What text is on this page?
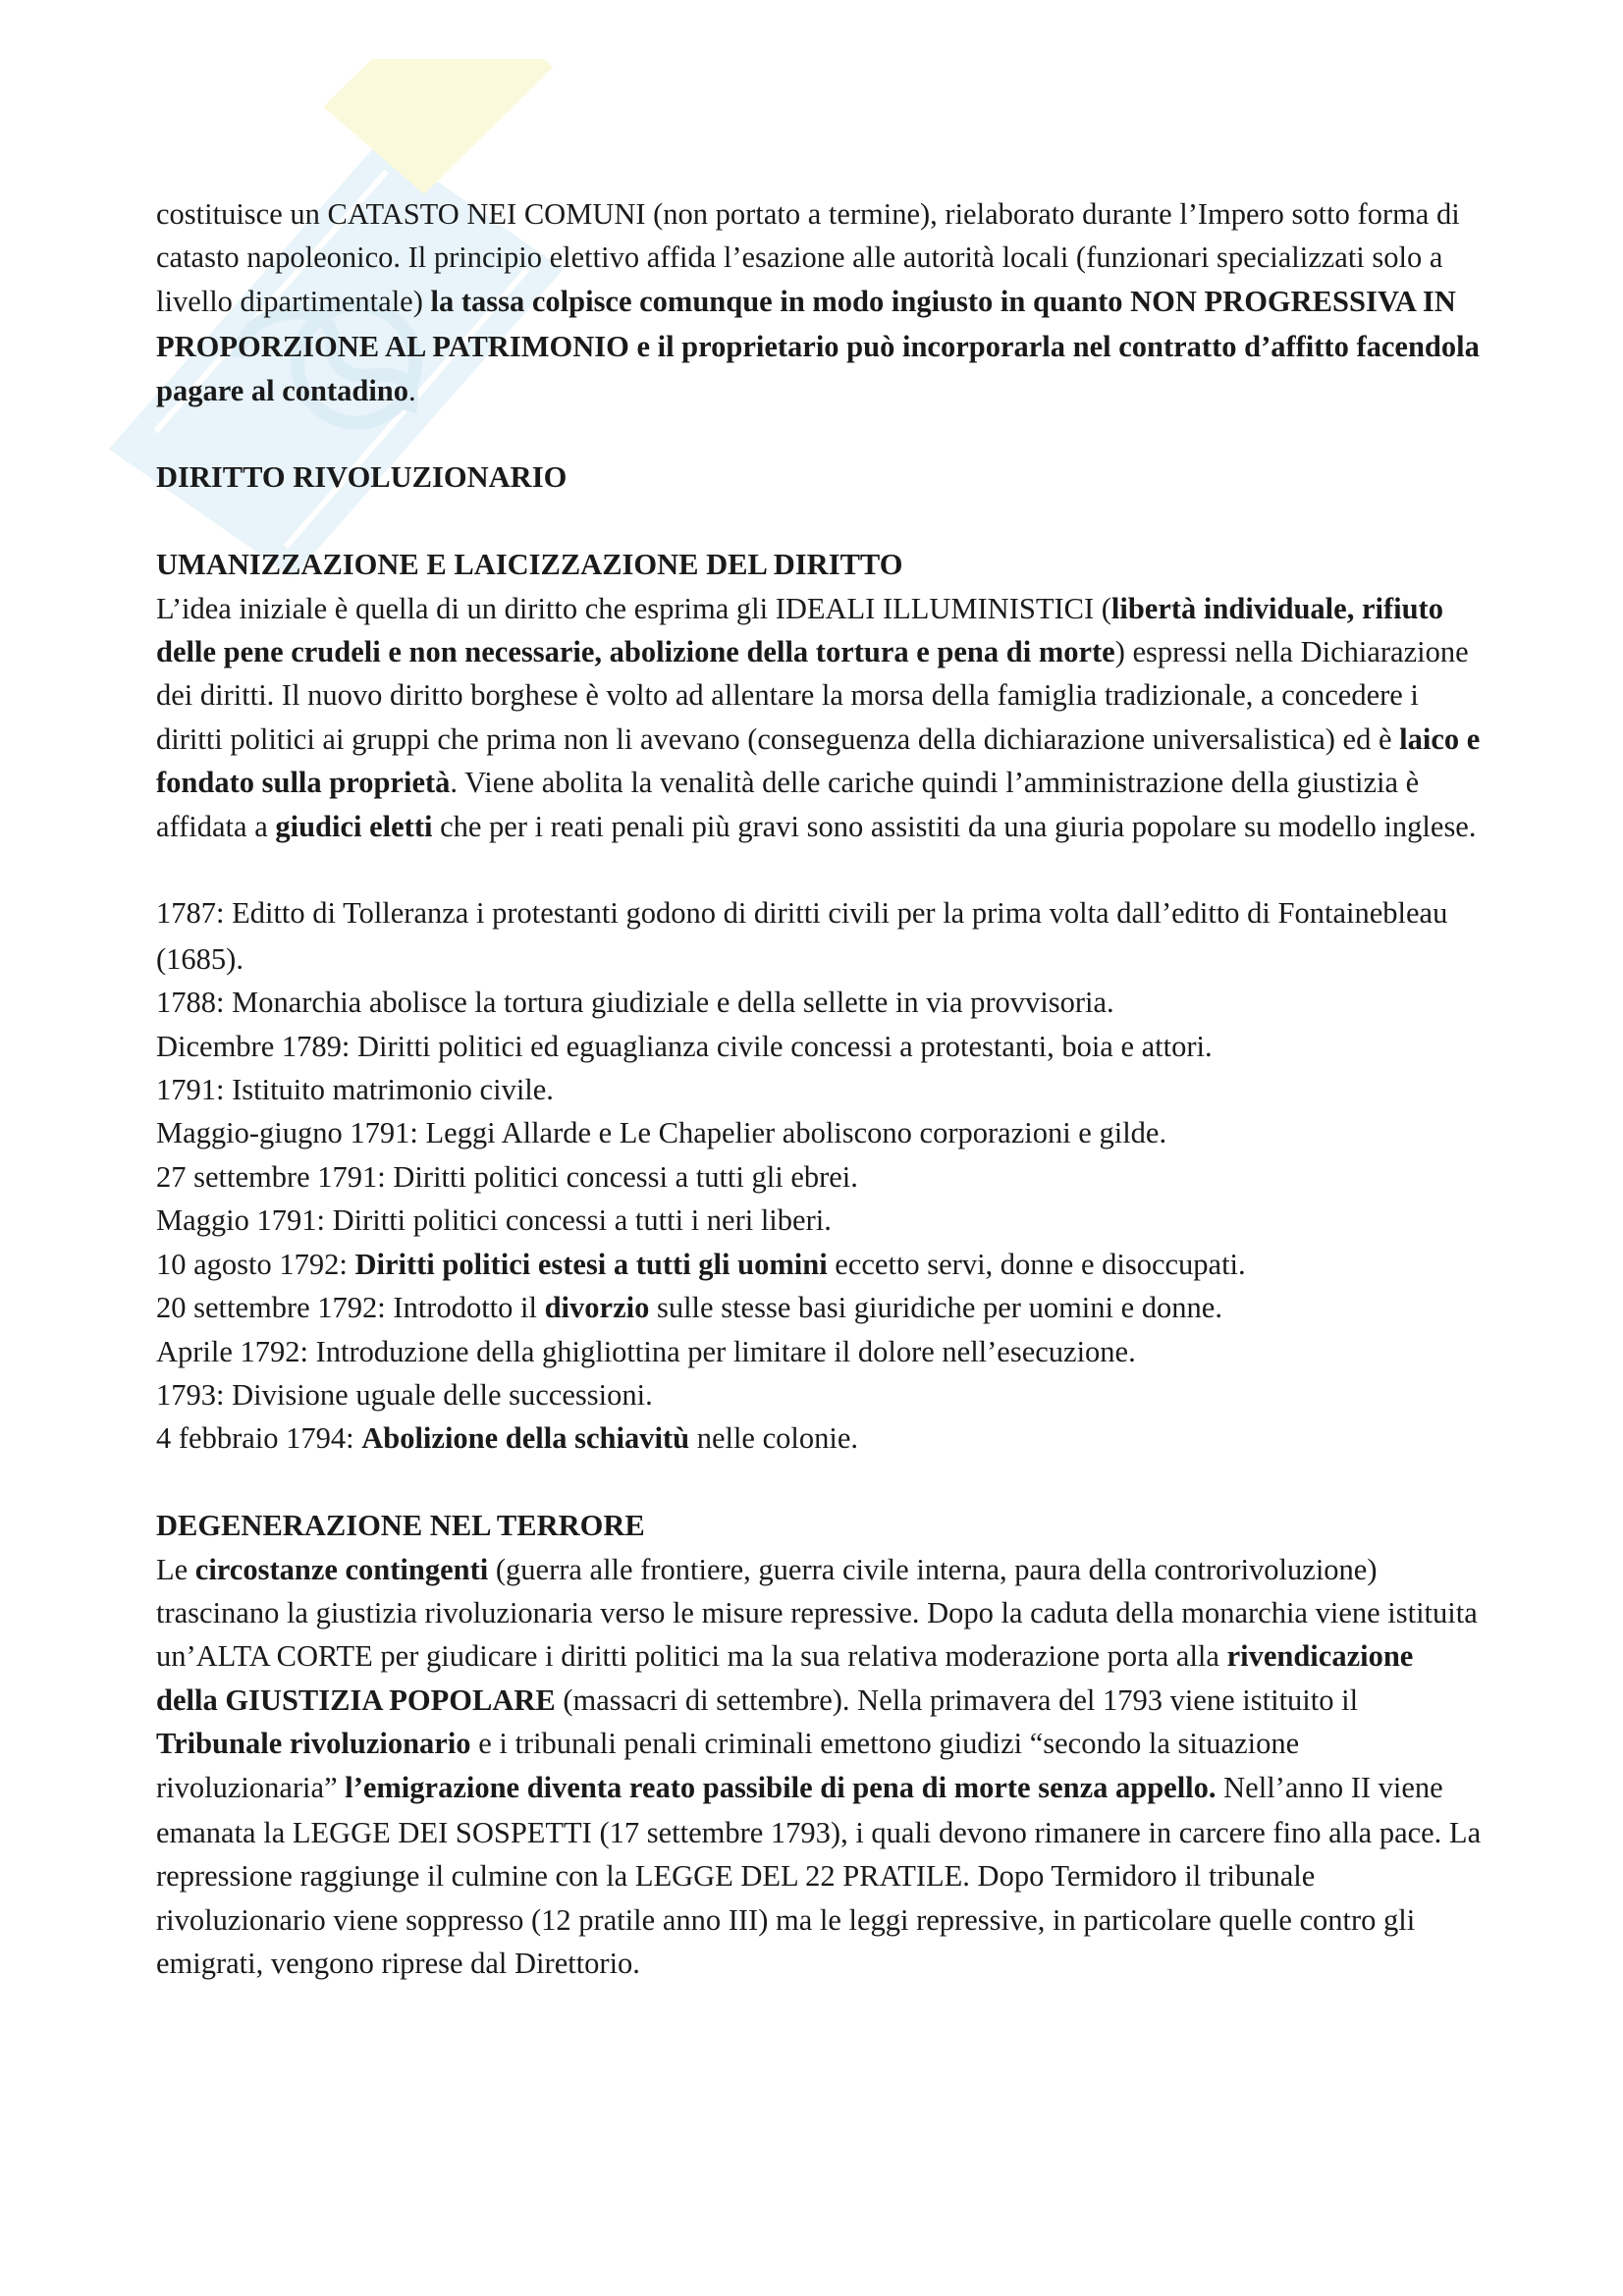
costituisce un CATASTO NEI COMUNI (non portato a termine), rielaborato durante l’Impero sotto forma di catasto napoleonico. Il principio elettivo affida l’esazione alle autorità locali (funzionari specializzati solo a livello dipartimentale) la tassa colpisce comunque in modo ingiusto in quanto NON PROGRESSIVA IN PROPORZIONE AL PATRIMONIO e il proprietario può incorporarla nel contratto d’affitto facendola pagare al contadino.

DIRITTO RIVOLUZIONARIO

UMANIZZAZIONE E LAICIZZAZIONE DEL DIRITTO

L’idea iniziale è quella di un diritto che esprima gli IDEALI ILLUMINISTICI (libertà individuale, rifiuto delle pene crudeli e non necessarie, abolizione della tortura e pena di morte) espressi nella Dichiarazione dei diritti. Il nuovo diritto borghese è volto ad allentare la morsa della famiglia tradizionale, a concedere i diritti politici ai gruppi che prima non li avevano (conseguenza della dichiarazione universalistica) ed è laico e fondato sulla proprietà. Viene abolita la venalità delle cariche quindi l’amministrazione della giustizia è affidata a giudici eletti che per i reati penali più gravi sono assistiti da una giuria popolare su modello inglese.

1787: Editto di Tolleranza i protestanti godono di diritti civili per la prima volta dall’editto di Fontainebleau (1685).

1788: Monarchia abolisce la tortura giudiziale e della sellette in via provvisoria.

Dicembre 1789: Diritti politici ed eguaglianza civile concessi a protestanti, boia e attori.

1791: Istituito matrimonio civile.

Maggio-giugno 1791: Leggi Allarde e Le Chapelier aboliscono corporazioni e gilde.

27 settembre 1791: Diritti politici concessi a tutti gli ebrei.

Maggio 1791: Diritti politici concessi a tutti i neri liberi.

10 agosto 1792: Diritti politici estesi a tutti gli uomini eccetto servi, donne e disoccupati.

20 settembre 1792: Introdotto il divorzio sulle stesse basi giuridiche per uomini e donne.

Aprile 1792: Introduzione della ghigliottina per limitare il dolore nell’esecuzione.

1793: Divisione uguale delle successioni.

4 febbraio 1794: Abolizione della schiavitù nelle colonie.

DEGENERAZIONE NEL TERRORE

Le circostanze contingenti (guerra alle frontiere, guerra civile interna, paura della controrivoluzione) trascinano la giustizia rivoluzionaria verso le misure repressive. Dopo la caduta della monarchia viene istituita un’ALTA CORTE per giudicare i diritti politici ma la sua relativa moderazione porta alla rivendicazione della GIUSTIZIA POPOLARE (massacri di settembre). Nella primavera del 1793 viene istituito il Tribunale rivoluzionario e i tribunali penali criminali emettono giudizi “secondo la situazione rivoluzionaria” l’emigrazione diventa reato passibile di pena di morte senza appello. Nell’anno II viene emanata la LEGGE DEI SOSPETTI (17 settembre 1793), i quali devono rimanere in carcere fino alla pace. La repressione raggiunge il culmine con la LEGGE DEL 22 PRATILE. Dopo Termidoro il tribunale rivoluzionario viene soppresso (12 pratile anno III) ma le leggi repressive, in particolare quelle contro gli emigrati, vengono riprese dal Direttorio.
